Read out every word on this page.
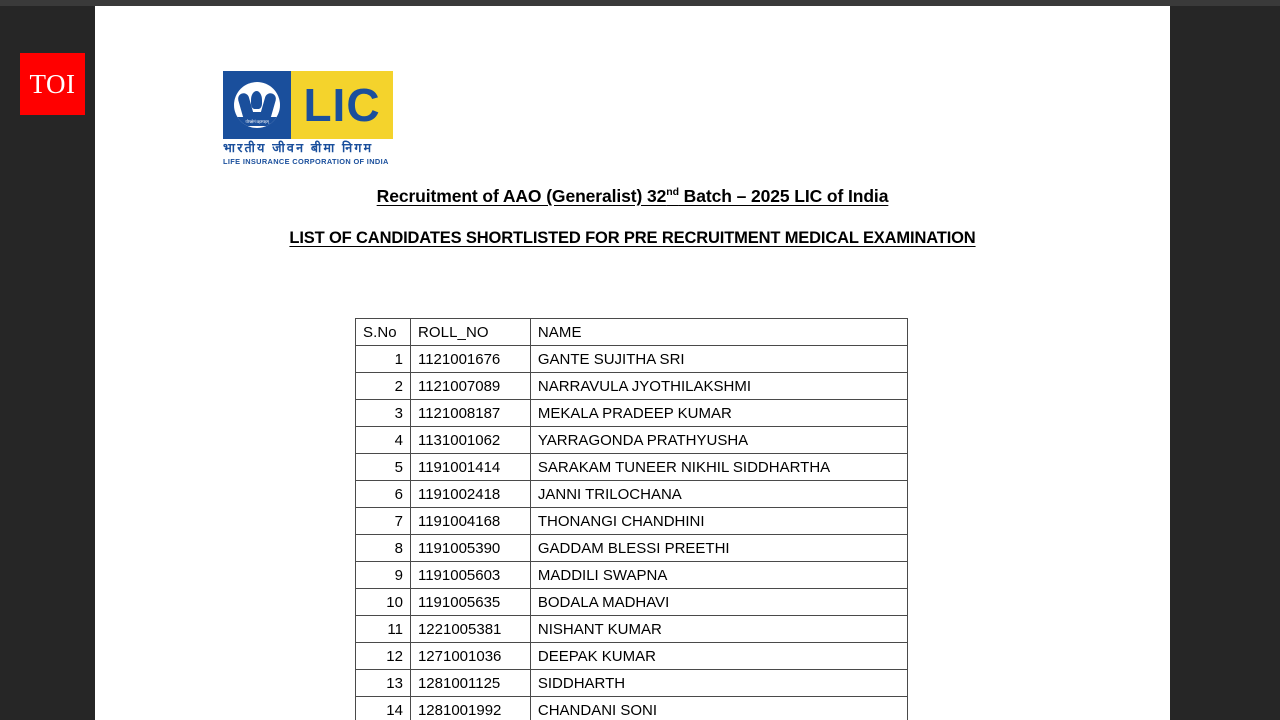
TOI
योगक्षेमं वहाम्यहम् LIC
भारतीय जीवन बीमा निगम
LIFE INSURANCE CORPORATION OF INDIA
Recruitment of AAO (Generalist) 32nd Batch – 2025 LIC of India
LIST OF CANDIDATES SHORTLISTED FOR PRE RECRUITMENT MEDICAL EXAMINATION
S.No	ROLL_NO	NAME
1	1121001676	GANTE SUJITHA SRI
2	1121007089	NARRAVULA JYOTHILAKSHMI
3	1121008187	MEKALA PRADEEP KUMAR
4	1131001062	YARRAGONDA PRATHYUSHA
5	1191001414	SARAKAM TUNEER NIKHIL SIDDHARTHA
6	1191002418	JANNI TRILOCHANA
7	1191004168	THONANGI CHANDHINI
8	1191005390	GADDAM BLESSI PREETHI
9	1191005603	MADDILI SWAPNA
10	1191005635	BODALA MADHAVI
11	1221005381	NISHANT KUMAR
12	1271001036	DEEPAK KUMAR
13	1281001125	SIDDHARTH
14	1281001992	CHANDANI SONI
